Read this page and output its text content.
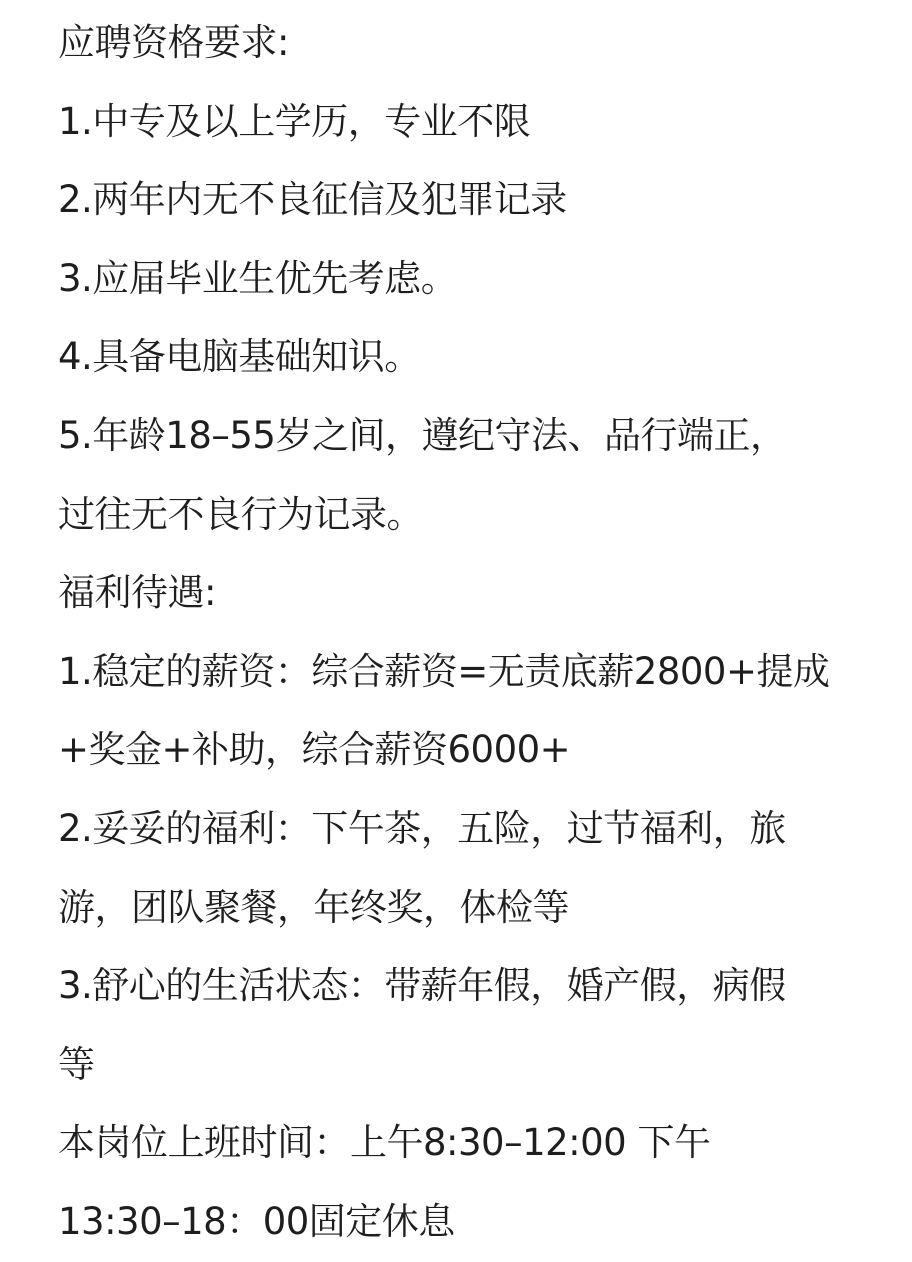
应聘资格要求:
1.中专及以上学历，专业不限
2.两年内无不良征信及犯罪记录
3.应届毕业生优先考虑。
4.具备电脑基础知识。
5.年龄18–55岁之间，遵纪守法、品行端正，
过往无不良行为记录。
福利待遇:
1.稳定的薪资：综合薪资=无责底薪2800+提成
+奖金+补助，综合薪资6000+
2.妥妥的福利：下午茶，五险，过节福利，旅
游，团队聚餐，年终奖，体检等
3.舒心的生活状态：带薪年假，婚产假，病假
等
本岗位上班时间：上午8:30–12:00 下午
13:30–18：00固定休息
